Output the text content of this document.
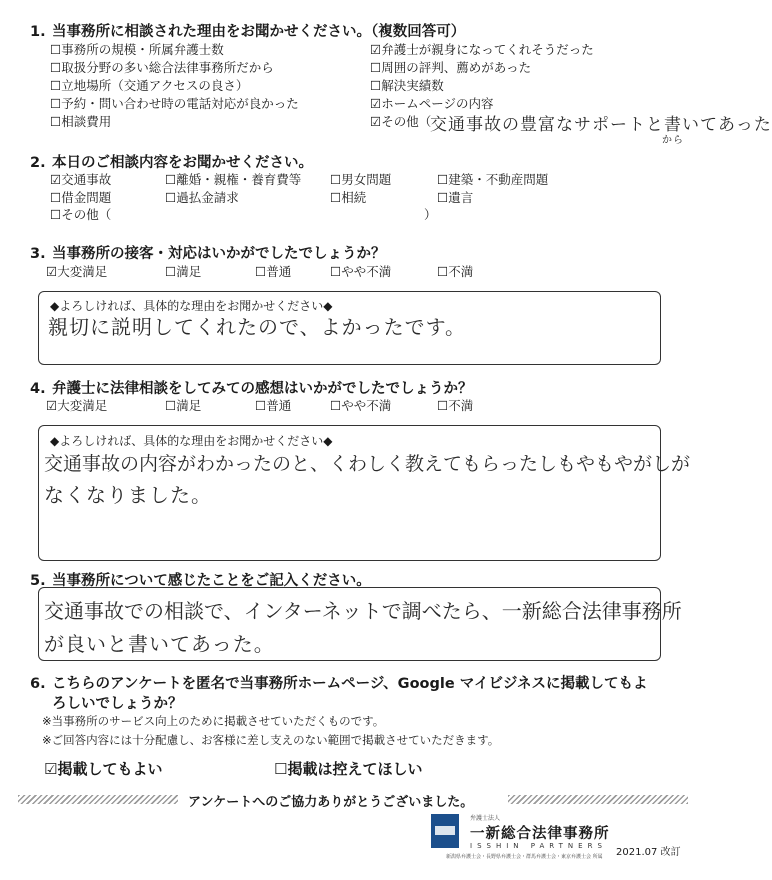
1. 当事務所に相談された理由をお聞かせください。（複数回答可）
☐事務所の規模・所属弁護士数
☐取扱分野の多い総合法律事務所だから
☐立地場所（交通アクセスの良さ）
☐予約・問い合わせ時の電話対応が良かった
☐相談費用
☑弁護士が親身になってくれそうだった
☐周囲の評判、薦めがあった
☐解決実績数
☑ホームページの内容
☑その他（
交通事故の豊富なサポートと書いてあった
から
2. 本日のご相談内容をお聞かせください。
☑交通事故	☐離婚・親権・養育費等 ☐男女問題	☐建築・不動産問題
☐借金問題	☐過払金請求	☐相続	☐遺言
☐その他（	）
3. 当事務所の接客・対応はいかがでしたでしょうか？
☑大変満足	☐満足	☐普通	☐やや不満	☐不満
◆よろしければ、具体的な理由をお聞かせください◆
親切に説明してくれたので、よかったです。
4. 弁護士に法律相談をしてみての感想はいかがでしたでしょうか？
☑大変満足	☐満足	☐普通	☐やや不満	☐不満
◆よろしければ、具体的な理由をお聞かせください◆
交通事故の内容がわかったのと、くわしく教えてもらったしもやもやがしが
なくなりました。
5. 当事務所について感じたことをご記入ください。
交通事故での相談で、インターネットで調べたら、一新総合法律事務所
が良いと書いてあった。
6. こちらのアンケートを匿名で当事務所ホームページ、Google マイビジネスに掲載してもよ
ろしいでしょうか？
※当事務所のサービス向上のために掲載させていただくものです。
※ご回答内容には十分配慮し、お客様に差し支えのない範囲で掲載させていただきます。
☑掲載してもよい	☐掲載は控えてほしい
アンケートへのご協力ありがとうございました。
弁護士法人
一新総合法律事務所
ISSHIN PARTNERS
新潟県弁護士会・長野県弁護士会・群馬弁護士会・東京弁護士会 所属 2021.07 改訂
